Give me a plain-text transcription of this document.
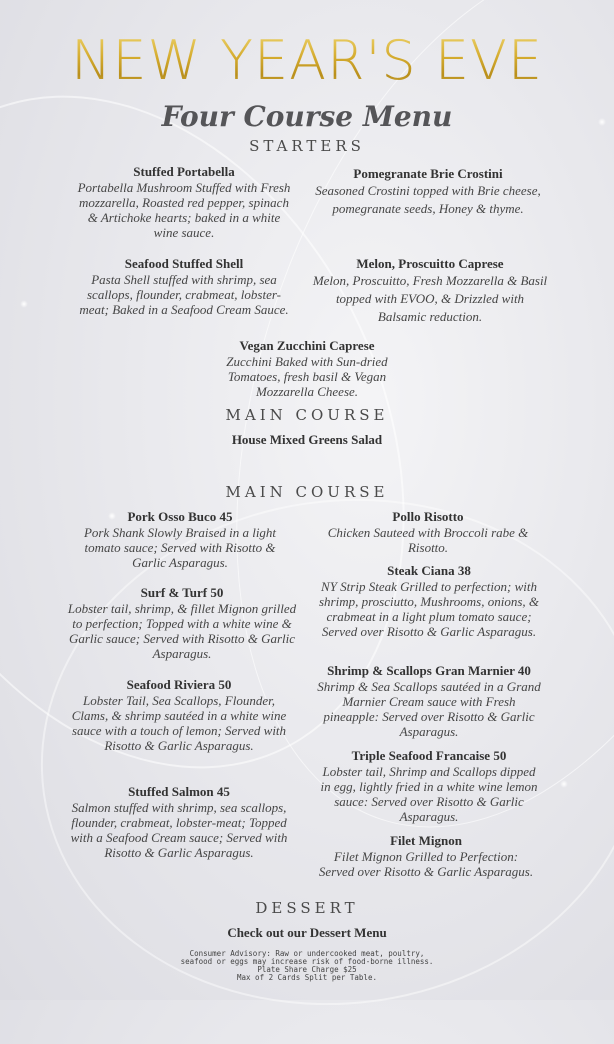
NEW YEAR'S EVE
Four Course Menu
STARTERS
Stuffed Portabella
Portabella Mushroom Stuffed with Fresh mozzarella, Roasted red pepper, spinach & Artichoke hearts; baked in a white wine sauce.
Pomegranate Brie Crostini
Seasoned Crostini topped with Brie cheese, pomegranate seeds, Honey & thyme.
Seafood Stuffed Shell
Pasta Shell stuffed with shrimp, sea scallops, flounder, crabmeat, lobster-meat; Baked in a Seafood Cream Sauce.
Melon, Proscuitto Caprese
Melon, Proscuitto, Fresh Mozzarella & Basil topped with EVOO, & Drizzled with Balsamic reduction.
Vegan Zucchini Caprese
Zucchini Baked with Sun-dried Tomatoes, fresh basil & Vegan Mozzarella Cheese.
MAIN COURSE
House Mixed Greens Salad
MAIN COURSE
Pork Osso Buco 45
Pork Shank Slowly Braised in a light tomato sauce; Served with Risotto & Garlic Asparagus.
Surf & Turf 50
Lobster tail, shrimp, & fillet Mignon grilled to perfection; Topped with a white wine & Garlic sauce; Served with Risotto & Garlic Asparagus.
Seafood Riviera 50
Lobster Tail, Sea Scallops, Flounder, Clams, & shrimp sautéed in a white wine sauce with a touch of lemon; Served with Risotto & Garlic Asparagus.
Stuffed Salmon 45
Salmon stuffed with shrimp, sea scallops, flounder, crabmeat, lobster-meat; Topped with a Seafood Cream sauce; Served with Risotto & Garlic Asparagus.
Pollo Risotto
Chicken Sauteed with Broccoli rabe & Risotto.
Steak Ciana 38
NY Strip Steak Grilled to perfection; with shrimp, prosciutto, Mushrooms, onions, & crabmeat in a light plum tomato sauce; Served over Risotto & Garlic Asparagus.
Shrimp & Scallops Gran Marnier 40
Shrimp & Sea Scallops sautéed in a Grand Marnier Cream sauce with Fresh pineapple: Served over Risotto & Garlic Asparagus.
Triple Seafood Francaise 50
Lobster tail, Shrimp and Scallops dipped in egg, lightly fried in a white wine lemon sauce: Served over Risotto & Garlic Asparagus.
Filet Mignon
Filet Mignon Grilled to Perfection: Served over Risotto & Garlic Asparagus.
DESSERT
Check out our Dessert Menu
Consumer Advisory: Raw or undercooked meat, poultry,
seafood or eggs may increase risk of food-borne illness.
Plate Share Charge $25
Max of 2 Cards Split per Table.
